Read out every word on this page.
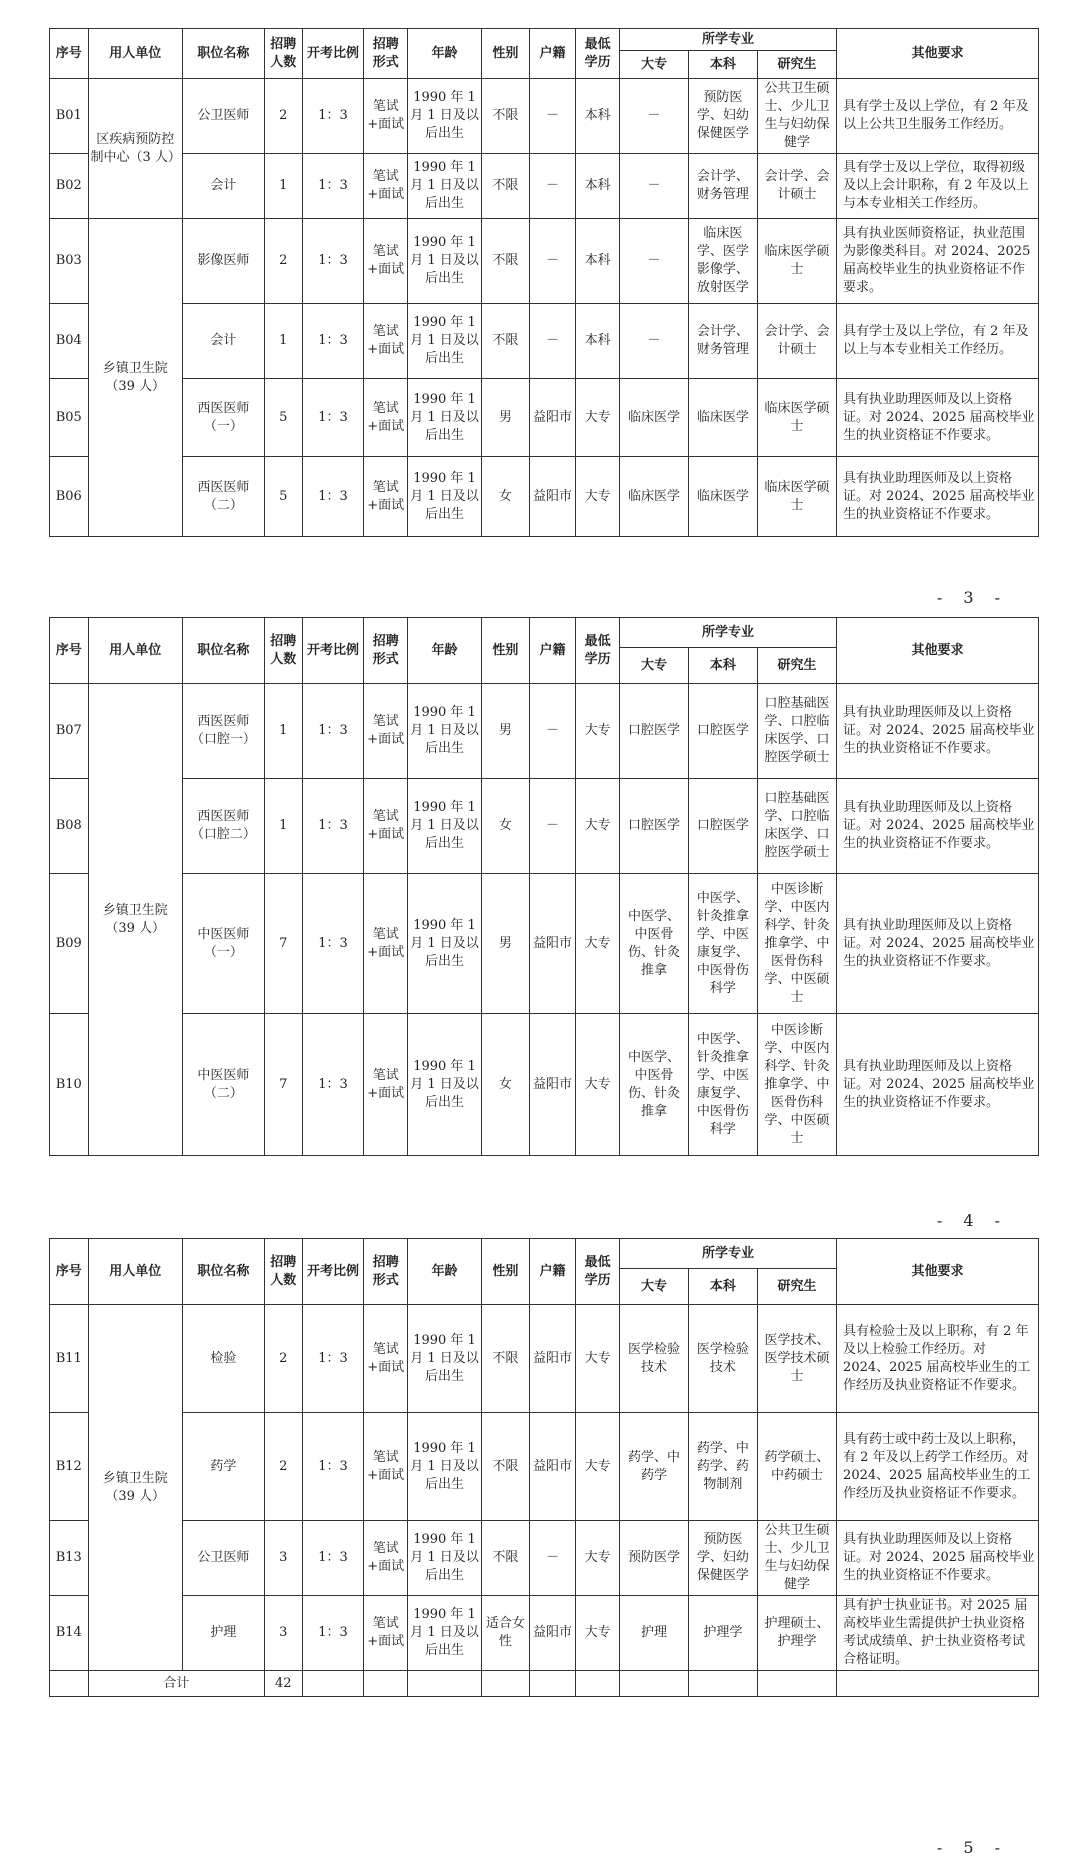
序号	用人单位	职位名称	招聘人数	开考比例	招聘形式	年龄	性别	户籍	最低学历	所学专业			其他要求
										大专	本科	研究生	
B01	区疾病预防控制中心（3 人）	公卫医师	2	1：3	笔试+面试	1990 年 1 月 1 日及以后出生	不限	－	本科	－	预防医学、妇幼保健医学	公共卫生硕士、少儿卫生与妇幼保健学	具有学士及以上学位，有 2 年及以上公共卫生服务工作经历。
B02		会计	1	1：3	笔试+面试	1990 年 1 月 1 日及以后出生	不限	－	本科	－	会计学、财务管理	会计学、会计硕士	具有学士及以上学位，取得初级及以上会计职称，有 2 年及以上与本专业相关工作经历。
B03	乡镇卫生院（39 人）	影像医师	2	1：3	笔试+面试	1990 年 1 月 1 日及以后出生	不限	－	本科	－	临床医学、医学影像学、放射医学	临床医学硕士	具有执业医师资格证，执业范围为影像类科目。对 2024、2025 届高校毕业生的执业资格证不作要求。
B04		会计	1	1：3	笔试+面试	1990 年 1 月 1 日及以后出生	不限	－	本科	－	会计学、财务管理	会计学、会计硕士	具有学士及以上学位，有 2 年及以上与本专业相关工作经历。
B05		西医医师（一）	5	1：3	笔试+面试	1990 年 1 月 1 日及以后出生	男	益阳市	大专	临床医学	临床医学	临床医学硕士	具有执业助理医师及以上资格证。对 2024、2025 届高校毕业生的执业资格证不作要求。
B06		西医医师（二）	5	1：3	笔试+面试	1990 年 1 月 1 日及以后出生	女	益阳市	大专	临床医学	临床医学	临床医学硕士	具有执业助理医师及以上资格证。对 2024、2025 届高校毕业生的执业资格证不作要求。
- 3 -
序号	用人单位	职位名称	招聘人数	开考比例	招聘形式	年龄	性别	户籍	最低学历	所学专业			其他要求
										大专	本科	研究生	
B07	乡镇卫生院（39 人）	西医医师（口腔一）	1	1：3	笔试+面试	1990 年 1 月 1 日及以后出生	男	－	大专	口腔医学	口腔医学	口腔基础医学、口腔临床医学、口腔医学硕士	具有执业助理医师及以上资格证。对 2024、2025 届高校毕业生的执业资格证不作要求。
B08		西医医师（口腔二）	1	1：3	笔试+面试	1990 年 1 月 1 日及以后出生	女	－	大专	口腔医学	口腔医学	口腔基础医学、口腔临床医学、口腔医学硕士	具有执业助理医师及以上资格证。对 2024、2025 届高校毕业生的执业资格证不作要求。
B09		中医医师（一）	7	1：3	笔试+面试	1990 年 1 月 1 日及以后出生	男	益阳市	大专	中医学、中医骨伤、针灸推拿	中医学、针灸推拿学、中医康复学、中医骨伤科学	中医诊断学、中医内科学、针灸推拿学、中医骨伤科学、中医硕士	具有执业助理医师及以上资格证。对 2024、2025 届高校毕业生的执业资格证不作要求。
B10		中医医师（二）	7	1：3	笔试+面试	1990 年 1 月 1 日及以后出生	女	益阳市	大专	中医学、中医骨伤、针灸推拿	中医学、针灸推拿学、中医康复学、中医骨伤科学	中医诊断学、中医内科学、针灸推拿学、中医骨伤科学、中医硕士	具有执业助理医师及以上资格证。对 2024、2025 届高校毕业生的执业资格证不作要求。
- 4 -
序号	用人单位	职位名称	招聘人数	开考比例	招聘形式	年龄	性别	户籍	最低学历	所学专业			其他要求
										大专	本科	研究生	
B11	乡镇卫生院（39 人）	检验	2	1：3	笔试+面试	1990 年 1 月 1 日及以后出生	不限	益阳市	大专	医学检验技术	医学检验技术	医学技术、医学技术硕士	具有检验士及以上职称，有 2 年及以上检验工作经历。对 2024、2025 届高校毕业生的工作经历及执业资格证不作要求。
B12		药学	2	1：3	笔试+面试	1990 年 1 月 1 日及以后出生	不限	益阳市	大专	药学、中药学	药学、中药学、药物制剂	药学硕士、中药硕士	具有药士或中药士及以上职称，有 2 年及以上药学工作经历。对 2024、2025 届高校毕业生的工作经历及执业资格证不作要求。
B13		公卫医师	3	1：3	笔试+面试	1990 年 1 月 1 日及以后出生	不限	－	大专	预防医学	预防医学、妇幼保健医学	公共卫生硕士、少儿卫生与妇幼保健学	具有执业助理医师及以上资格证。对 2024、2025 届高校毕业生的执业资格证不作要求。
B14		护理	3	1：3	笔试+面试	1990 年 1 月 1 日及以后出生	适合女性	益阳市	大专	护理	护理学	护理硕士、护理学	具有护士执业证书。对 2025 届高校毕业生需提供护士执业资格考试成绩单、护士执业资格考试合格证明。
	合计		42										
- 5 -
